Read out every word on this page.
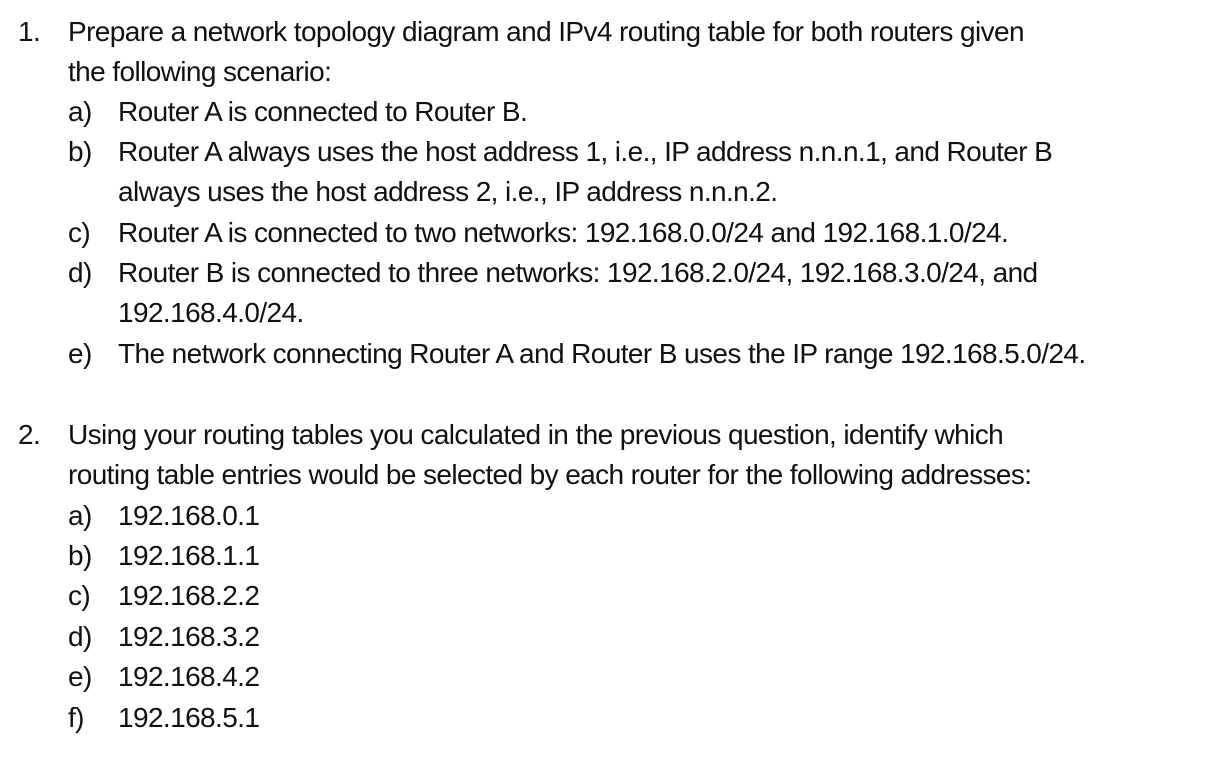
1. Prepare a network topology diagram and IPv4 routing table for both routers given
the following scenario:
a) Router A is connected to Router B.
b) Router A always uses the host address 1, i.e., IP address n.n.n.1, and Router B
always uses the host address 2, i.e., IP address n.n.n.2.
c) Router A is connected to two networks: 192.168.0.0/24 and 192.168.1.0/24.
d) Router B is connected to three networks: 192.168.2.0/24, 192.168.3.0/24, and
192.168.4.0/24.
e) The network connecting Router A and Router B uses the IP range 192.168.5.0/24.
2. Using your routing tables you calculated in the previous question, identify which
routing table entries would be selected by each router for the following addresses:
a) 192.168.0.1
b) 192.168.1.1
c) 192.168.2.2
d) 192.168.3.2
e) 192.168.4.2
f) 192.168.5.1
